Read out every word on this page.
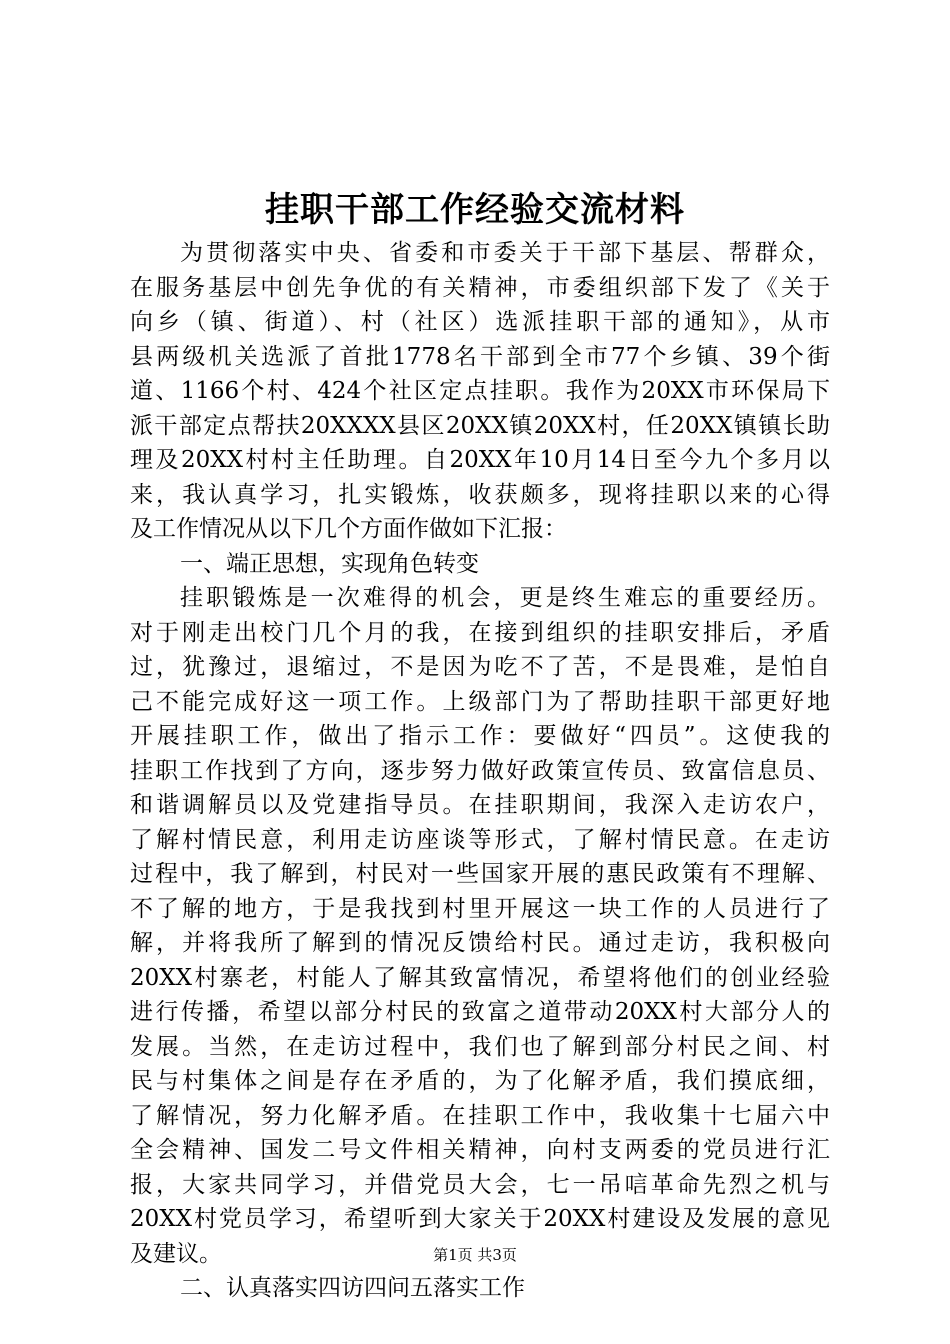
挂职干部工作经验交流材料
为贯彻落实中央、省委和市委关于干部下基层、帮群众，
在服务基层中创先争优的有关精神，市委组织部下发了《关于
向乡（镇、街道）、村（社区）选派挂职干部的通知》，从市
县两级机关选派了首批1778名干部到全市77个乡镇、39个街
道、1166个村、424个社区定点挂职。我作为20XX市环保局下
派干部定点帮扶20XXXX县区20XX镇20XX村，任20XX镇镇长助
理及20XX村村主任助理。自20XX年10月14日至今九个多月以
来，我认真学习，扎实锻炼，收获颇多，现将挂职以来的心得
及工作情况从以下几个方面作做如下汇报：
一、端正思想，实现角色转变
挂职锻炼是一次难得的机会，更是终生难忘的重要经历。
对于刚走出校门几个月的我，在接到组织的挂职安排后，矛盾
过，犹豫过，退缩过，不是因为吃不了苦，不是畏难，是怕自
己不能完成好这一项工作。上级部门为了帮助挂职干部更好地
开展挂职工作，做出了指示工作：要做好“四员”。这使我的
挂职工作找到了方向，逐步努力做好政策宣传员、致富信息员、
和谐调解员以及党建指导员。在挂职期间，我深入走访农户，
了解村情民意，利用走访座谈等形式，了解村情民意。在走访
过程中，我了解到，村民对一些国家开展的惠民政策有不理解、
不了解的地方，于是我找到村里开展这一块工作的人员进行了
解，并将我所了解到的情况反馈给村民。通过走访，我积极向
20XX村寨老，村能人了解其致富情况，希望将他们的创业经验
进行传播，希望以部分村民的致富之道带动20XX村大部分人的
发展。当然，在走访过程中，我们也了解到部分村民之间、村
民与村集体之间是存在矛盾的，为了化解矛盾，我们摸底细，
了解情况，努力化解矛盾。在挂职工作中，我收集十七届六中
全会精神、国发二号文件相关精神，向村支两委的党员进行汇
报，大家共同学习，并借党员大会，七一吊唁革命先烈之机与
20XX村党员学习，希望听到大家关于20XX村建设及发展的意见
及建议。
二、认真落实四访四问五落实工作
第1页 共3页
